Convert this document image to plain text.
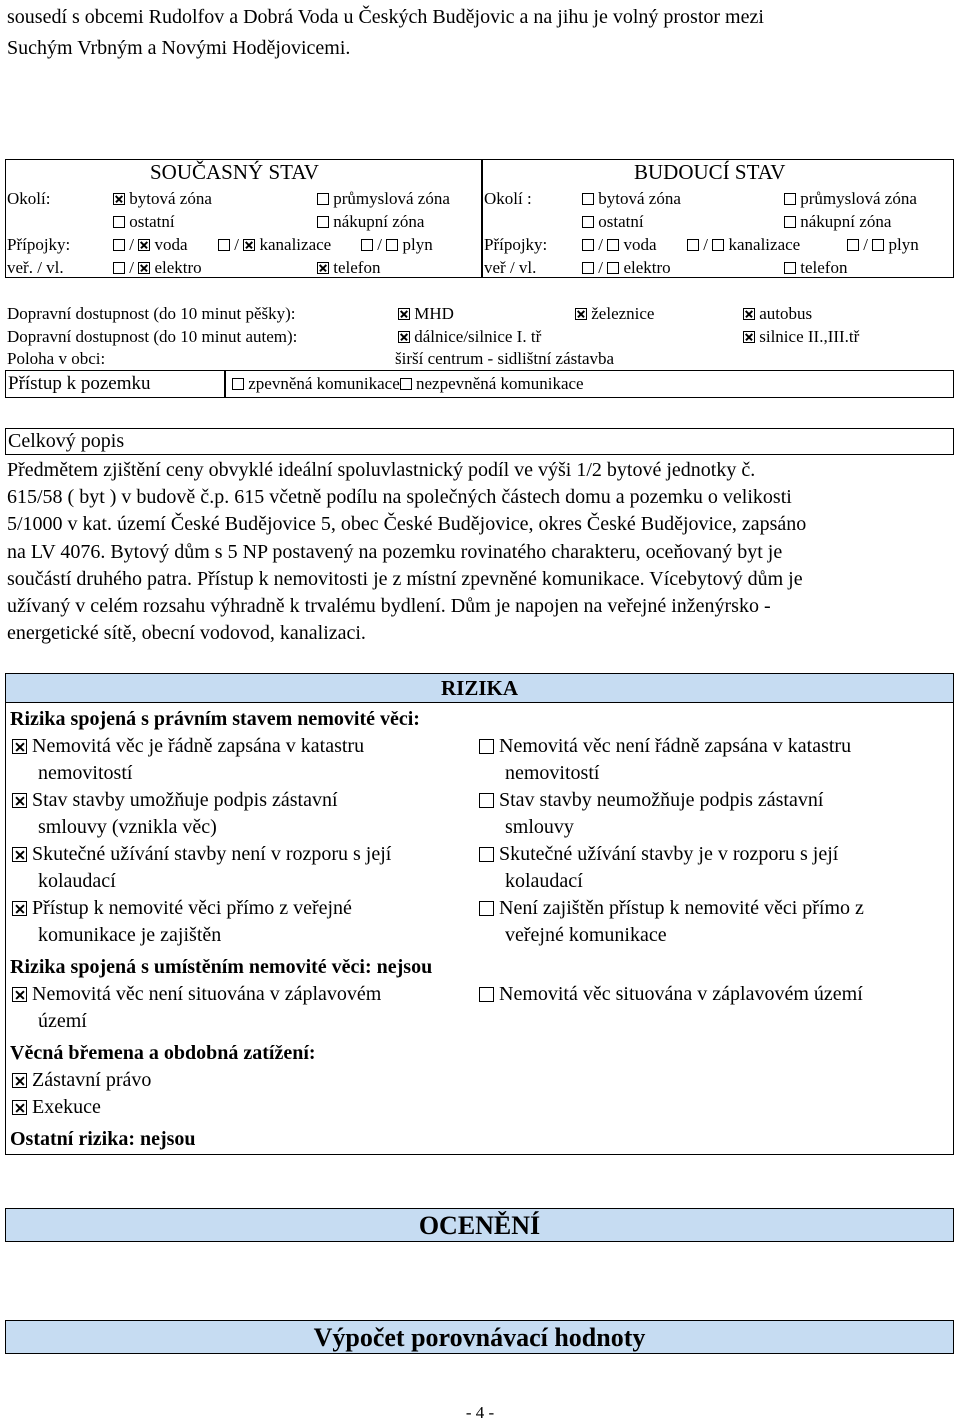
sousedí s obcemi Rudolfov a Dobrá Voda u Českých Budějovic a na jihu je volný prostor mezi
Suchým Vrbným a Novými Hodějovicemi.
SOUČASNÝ STAV
Okolí:	bytová zóna	průmyslová zóna
ostatní	nákupní zóna
Přípojky:	/ voda	/ kanalizace	/ plyn
veř. / vl.	/ elektro	telefon
BUDOUCÍ STAV
Okolí :	bytová zóna	průmyslová zóna
ostatní	nákupní zóna
Přípojky:	/ voda	/ kanalizace	/ plyn
veř / vl.	/ elektro	telefon
Dopravní dostupnost (do 10 minut pěšky):	MHD	železnice	autobus
Dopravní dostupnost (do 10 minut autem):	dálnice/silnice I. tř	silnice II.,III.tř
Poloha v obci:	širší centrum - sidlištní zástavba
Přístup k pozemku	zpevněná komunikace nezpevněná komunikace
Celkový popis
Předmětem zjištění ceny obvyklé ideální spoluvlastnický podíl ve výši 1/2 bytové jednotky č.
615/58 ( byt ) v budově č.p. 615 včetně podílu na společných částech domu a pozemku o velikosti
5/1000 v kat. území České Budějovice 5, obec České Budějovice, okres České Budějovice, zapsáno
na LV 4076. Bytový dům s 5 NP postavený na pozemku rovinatého charakteru, oceňovaný byt je
součástí druhého patra. Přístup k nemovitosti je z místní zpevněné komunikace. Vícebytový dům je
užívaný v celém rozsahu výhradně k trvalému bydlení. Dům je napojen na veřejné inženýrsko -
energetické sítě, obecní vodovod, kanalizaci.
RIZIKA
Rizika spojená s právním stavem nemovité věci:
Nemovitá věc je řádně zapsána v katastru
nemovitostí
Nemovitá věc není řádně zapsána v katastru
nemovitostí
Stav stavby umožňuje podpis zástavní
smlouvy (vznikla věc)
Stav stavby neumožňuje podpis zástavní
smlouvy
Skutečné užívání stavby není v rozporu s její
kolaudací
Skutečné užívání stavby je v rozporu s její
kolaudací
Přístup k nemovité věci přímo z veřejné
komunikace je zajištěn
Není zajištěn přístup k nemovité věci přímo z
veřejné komunikace
Rizika spojená s umístěním nemovité věci: nejsou
Nemovitá věc není situována v záplavovém
území
Nemovitá věc situována v záplavovém území
Věcná břemena a obdobná zatížení:
Zástavní právo
Exekuce
Ostatní rizika: nejsou
OCENĚNÍ
Výpočet porovnávací hodnoty
- 4 -
